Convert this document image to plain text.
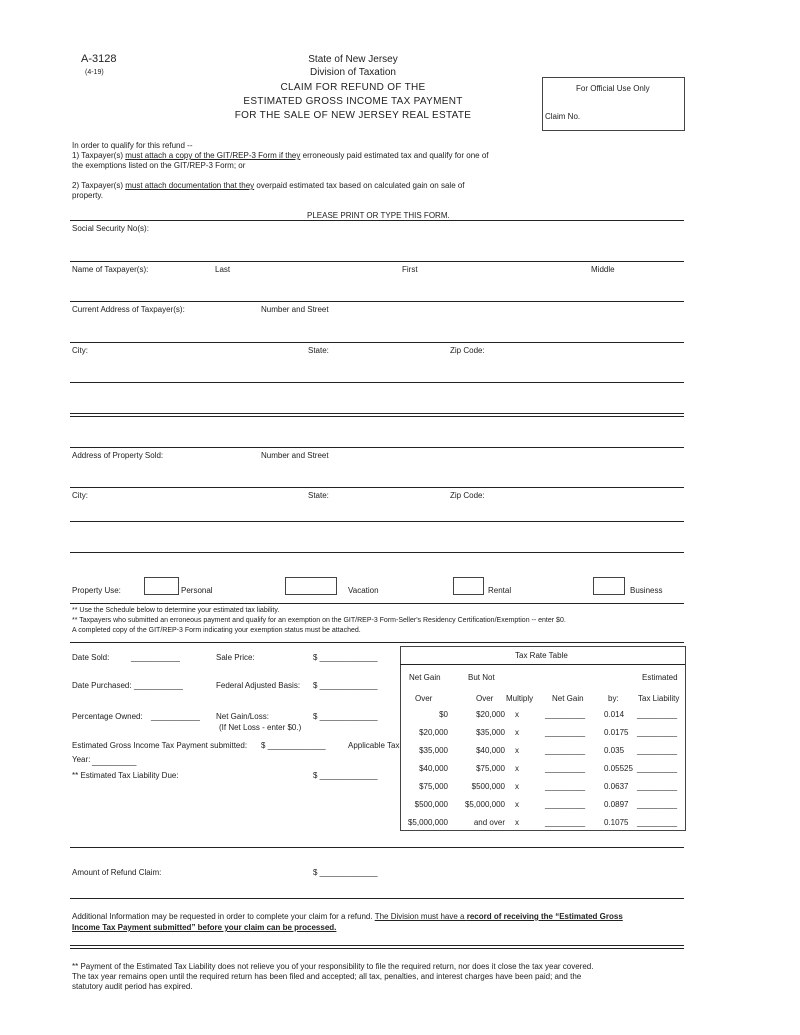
A-3128
(4-19)
State of New Jersey
Division of Taxation
CLAIM FOR REFUND OF THE
ESTIMATED GROSS INCOME TAX PAYMENT
FOR THE SALE OF NEW JERSEY REAL ESTATE
For Official Use Only
Claim No.
In order to qualify for this refund --
1) Taxpayer(s) must attach a copy of the GIT/REP-3 Form if they erroneously paid estimated tax and qualify for one of
the exemptions listed on the GIT/REP-3 Form; or
2) Taxpayer(s) must attach documentation that they overpaid estimated tax based on calculated gain on sale of
property.
PLEASE PRINT OR TYPE THIS FORM.
Social Security No(s):
Name of Taxpayer(s):	Last	First	Middle
Current Address of Taxpayer(s):	Number and Street
City:	State:	Zip Code:
Address of Property Sold:	Number and Street
City:	State:	Zip Code:
Property Use:	Personal	Vacation	Rental	Business
** Use the Schedule below to determine your estimated tax liability.
** Taxpayers who submitted an erroneous payment and qualify for an exemption on the GIT/REP-3 Form-Seller's Residency Certification/Exemption -- enter $0.
A completed copy of the GIT/REP-3 Form indicating your exemption status must be attached.
Date Sold:	___________	Sale Price:	$ _____________
Date Purchased: ___________	Federal Adjusted Basis: $ _____________
Percentage Owned: ___________ Net Gain/Loss:
(If Net Loss - enter $0.)
$ _____________
Estimated Gross Income Tax Payment submitted: $ _____________	Applicable Tax
Year: __________
** Estimated Tax Liability Due:	$ _____________
Tax Rate Table
Net Gain	But Not	Estimated
Over	Over Multiply Net Gain	by: Tax Liability
$0	$20,000 x	_________	0.014	_________
$20,000	$35,000 x	_________	0.0175	_________
$35,000	$40,000 x	_________	0.035	_________
$40,000	$75,000 x	_________	0.05525 _________
$75,000	$500,000 x	_________	0.0637	_________
$500,000	$5,000,000 x	_________	0.0897	_________
$5,000,000	and over x	_________	0.1075	_________
Amount of Refund Claim:	$ _____________
Additional Information may be requested in order to complete your claim for a refund. The Division must have a record of receiving the “Estimated Gross
Income Tax Payment submitted” before your claim can be processed.
** Payment of the Estimated Tax Liability does not relieve you of your responsibility to file the required return, nor does it close the tax year covered.
The tax year remains open until the required return has been filed and accepted; all tax, penalties, and interest charges have been paid; and the
statutory audit period has expired.
